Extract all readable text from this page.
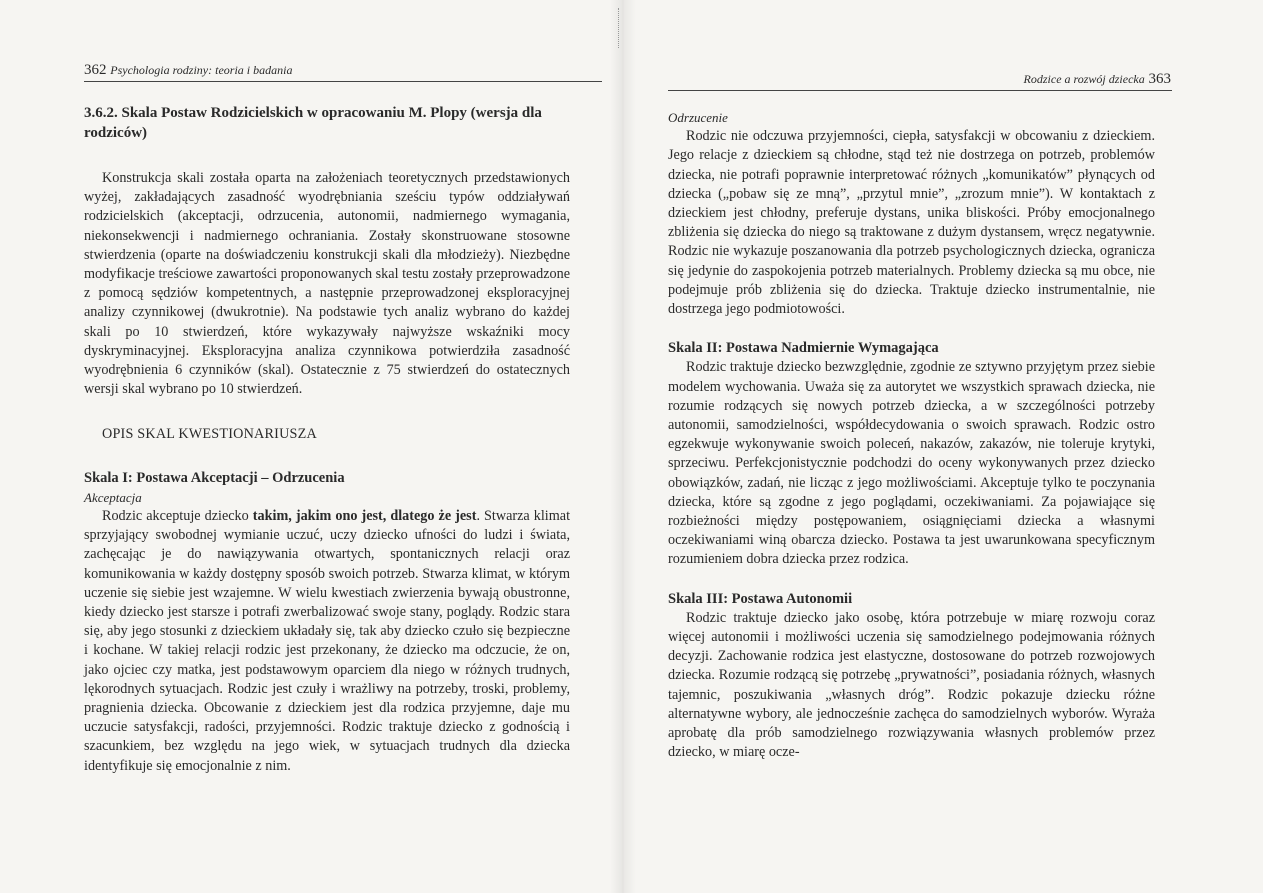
362 Psychologia rodziny: teoria i badania
3.6.2. Skala Postaw Rodzicielskich w opracowaniu M. Plopy (wersja dla rodziców)

Konstrukcja skali została oparta na założeniach teoretycznych przedstawionych wyżej, zakładających zasadność wyodrębniania sześciu typów oddziaływań rodzicielskich (akceptacji, odrzucenia, autonomii, nadmiernego wymagania, niekonsekwencji i nadmiernego ochraniania. Zostały skonstruowane stosowne stwierdzenia (oparte na doświadczeniu konstrukcji skali dla młodzieży). Niezbędne modyfikacje treściowe zawartości proponowanych skal testu zostały przeprowadzone z pomocą sędziów kompetentnych, a następnie przeprowadzonej eksploracyjnej analizy czynnikowej (dwukrotnie). Na podstawie tych analiz wybrano do każdej skali po 10 stwierdzeń, które wykazywały najwyższe wskaźniki mocy dyskryminacyjnej. Eksploracyjna analiza czynnikowa potwierdziła zasadność wyodrębnienia 6 czynników (skal). Ostatecznie z 75 stwierdzeń do ostatecznych wersji skal wybrano po 10 stwierdzeń.

OPIS SKAL KWESTIONARIUSZA

Skala I: Postawa Akceptacji – Odrzucenia
Akceptacja

Rodzic akceptuje dziecko takim, jakim ono jest, dlatego że jest. Stwarza klimat sprzyjający swobodnej wymianie uczuć, uczy dziecko ufności do ludzi i świata, zachęcając je do nawiązywania otwartych, spontanicznych relacji oraz komunikowania w każdy dostępny sposób swoich potrzeb. Stwarza klimat, w którym uczenie się siebie jest wzajemne. W wielu kwestiach zwierzenia bywają obustronne, kiedy dziecko jest starsze i potrafi zwerbalizować swoje stany, poglądy. Rodzic stara się, aby jego stosunki z dzieckiem układały się, tak aby dziecko czuło się bezpieczne i kochane. W takiej relacji rodzic jest przekonany, że dziecko ma odczucie, że on, jako ojciec czy matka, jest podstawowym oparciem dla niego w różnych trudnych, lękorodnych sytuacjach. Rodzic jest czuły i wrażliwy na potrzeby, troski, problemy, pragnienia dziecka. Obcowanie z dzieckiem jest dla rodzica przyjemne, daje mu uczucie satysfakcji, radości, przyjemności. Rodzic traktuje dziecko z godnością i szacunkiem, bez względu na jego wiek, w sytuacjach trudnych dla dziecka identyfikuje się emocjonalnie z nim.

Rodzice a rozwój dziecka 363
Odrzucenie

Rodzic nie odczuwa przyjemności, ciepła, satysfakcji w obcowaniu z dzieckiem. Jego relacje z dzieckiem są chłodne, stąd też nie dostrzega on potrzeb, problemów dziecka, nie potrafi poprawnie interpretować różnych „komunikatów” płynących od dziecka („pobaw się ze mną”, „przytul mnie”, „zrozum mnie”). W kontaktach z dzieckiem jest chłodny, preferuje dystans, unika bliskości. Próby emocjonalnego zbliżenia się dziecka do niego są traktowane z dużym dystansem, wręcz negatywnie. Rodzic nie wykazuje poszanowania dla potrzeb psychologicznych dziecka, ogranicza się jedynie do zaspokojenia potrzeb materialnych. Problemy dziecka są mu obce, nie podejmuje prób zbliżenia się do dziecka. Traktuje dziecko instrumentalnie, nie dostrzega jego podmiotowości.

Skala II: Postawa Nadmiernie Wymagająca

Rodzic traktuje dziecko bezwzględnie, zgodnie ze sztywno przyjętym przez siebie modelem wychowania. Uważa się za autorytet we wszystkich sprawach dziecka, nie rozumie rodzących się nowych potrzeb dziecka, a w szczególności potrzeby autonomii, samodzielności, współdecydowania o swoich sprawach. Rodzic ostro egzekwuje wykonywanie swoich poleceń, nakazów, zakazów, nie toleruje krytyki, sprzeciwu. Perfekcjonistycznie podchodzi do oceny wykonywanych przez dziecko obowiązków, zadań, nie licząc z jego możliwościami. Akceptuje tylko te poczynania dziecka, które są zgodne z jego poglądami, oczekiwaniami. Za pojawiające się rozbieżności między postępowaniem, osiągnięciami dziecka a własnymi oczekiwaniami winą obarcza dziecko. Postawa ta jest uwarunkowana specyficznym rozumieniem dobra dziecka przez rodzica.

Skala III: Postawa Autonomii

Rodzic traktuje dziecko jako osobę, która potrzebuje w miarę rozwoju coraz więcej autonomii i możliwości uczenia się samodzielnego podejmowania różnych decyzji. Zachowanie rodzica jest elastyczne, dostosowane do potrzeb rozwojowych dziecka. Rozumie rodzącą się potrzebę „prywatności”, posiadania różnych, własnych tajemnic, poszukiwania „własnych dróg”. Rodzic pokazuje dziecku różne alternatywne wybory, ale jednocześnie zachęca do samodzielnych wyborów. Wyraża aprobatę dla prób samodzielnego rozwiązywania własnych problemów przez dziecko, w miarę ocze-
